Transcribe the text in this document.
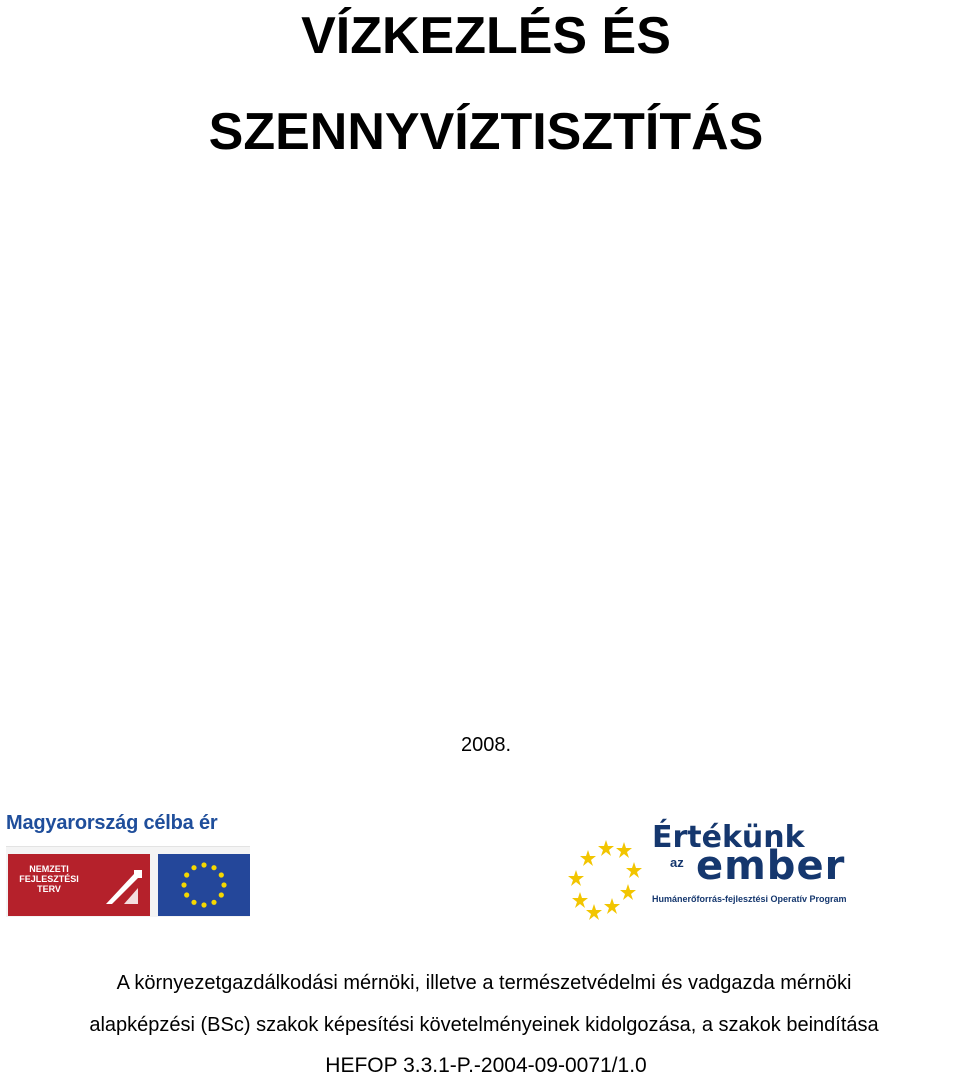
VÍZKEZLÉS ÉS
SZENNYVÍZTISZTÍTÁS
2008.
Magyarország célba ér
NEMZETI FEJLESZTÉSI TERV
Értékünk
az ember
Humánerőforrás-fejlesztési Operatív Program
A környezetgazdálkodási mérnöki, illetve a természetvédelmi és vadgazda mérnöki
alapképzési (BSc) szakok képesítési követelményeinek kidolgozása, a szakok beindítása
HEFOP 3.3.1-P.-2004-09-0071/1.0
